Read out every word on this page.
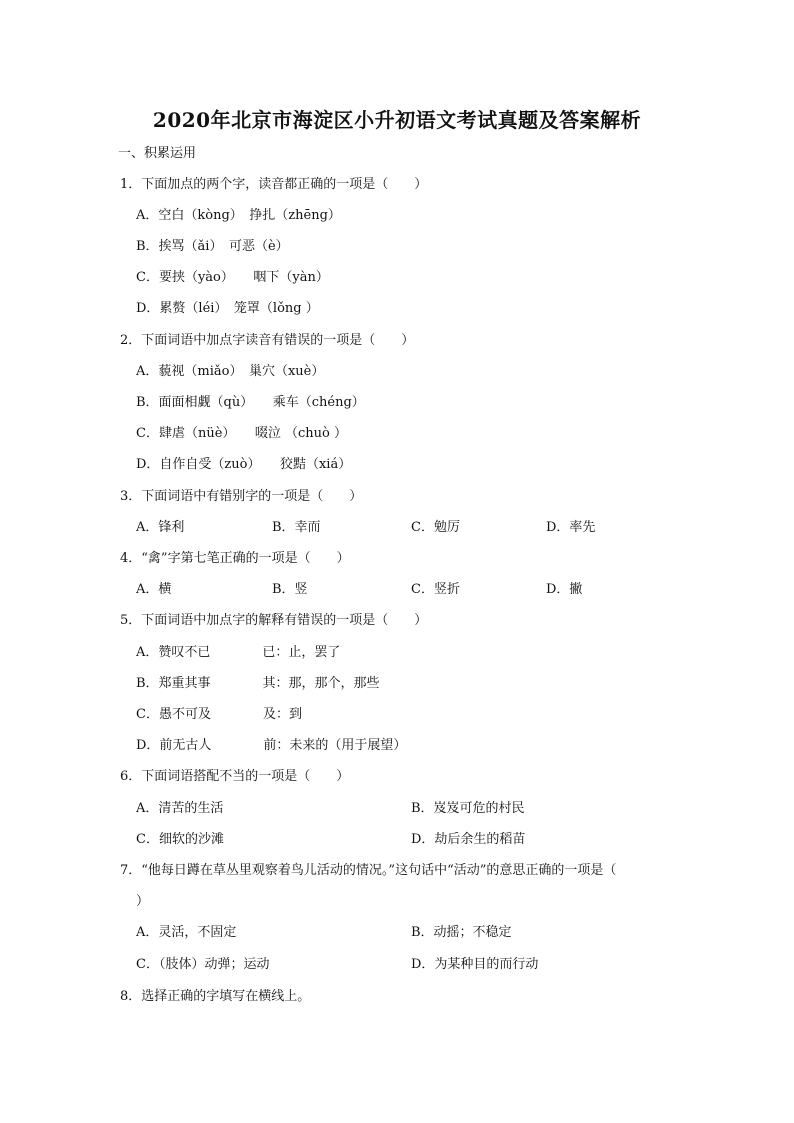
2020年北京市海淀区小升初语文考试真题及答案解析
一、积累运用
1．下面加点的两个字，读音都正确的一项是（　　）
A．空白（kòng）　挣扎（zhēng）
B．挨骂（ǎi）　可恶（è）
C．要挟（yào）　　咽下（yàn）
D．累赘（léi）　笼罩（lǒng ）
2．下面词语中加点字读音有错误的一项是（　　）
A．藐视（miǎo）　巢穴（xuè）
B．面面相觑（qù）　　乘车（chéng）
C．肆虐（nüè）　　啜泣 （chuò ）
D．自作自受（zuò）　　狡黠（xiá）
3．下面词语中有错别字的一项是（　　）
A．锋利	B．幸而	C．勉厉	D．率先
4．“禽”字第七笔正确的一项是（　　）
A．横	B．竖	C．竖折	D．撇
5．下面词语中加点字的解释有错误的一项是（　　）
A．赞叹不已　　　　已：止，罢了
B．郑重其事　　　　其：那，那个，那些
C．愚不可及　　　　及：到
D．前无古人　　　　前：未来的（用于展望）
6．下面词语搭配不当的一项是（　　）
A．清苦的生活	B．岌岌可危的村民
C．细软的沙滩	D．劫后余生的稻苗
7．“他每日蹲在草丛里观察着鸟儿活动的情况。”这句话中“活动”的意思正确的一项是（
）
A．灵活，不固定	B．动摇；不稳定
C．（肢体）动弹；运动	D．为某种目的而行动
8．选择正确的字填写在横线上。
